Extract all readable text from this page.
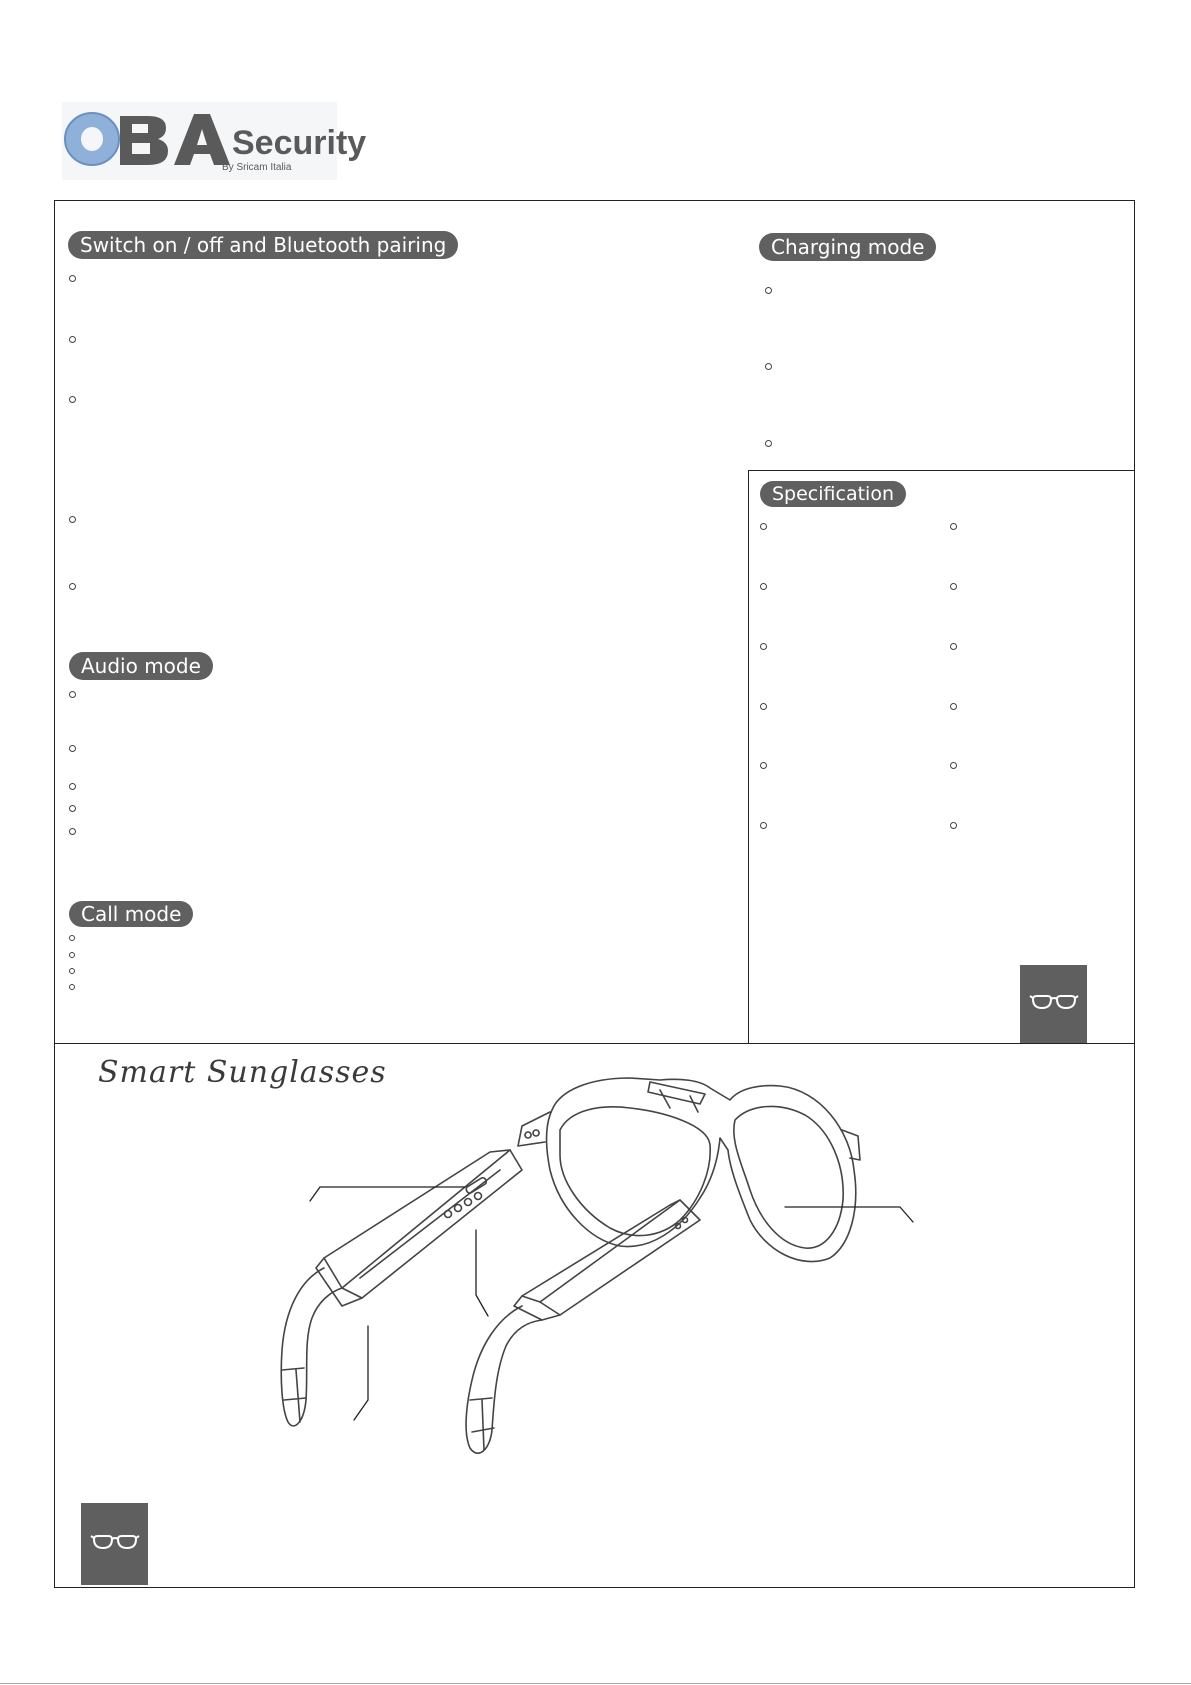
Security
By Sricam Italia
Switch on / off and Bluetooth pairing	Charging mode
Specification
Audio mode
Call mode
Smart Sunglasses
